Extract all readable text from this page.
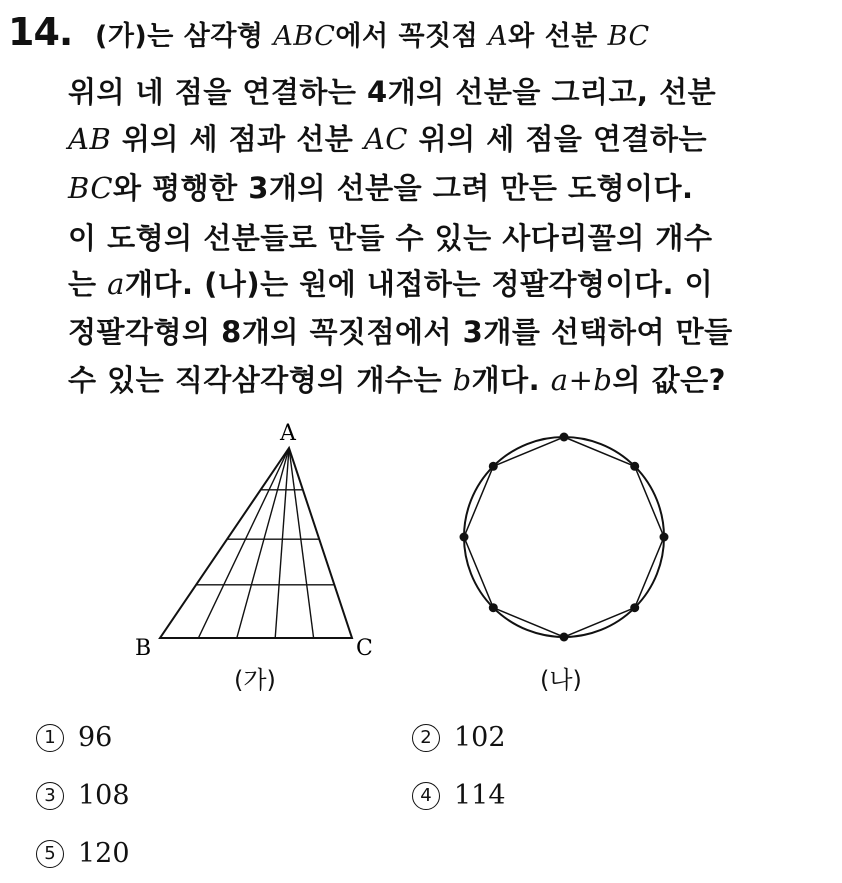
14. (가)는 삼각형 ABC에서 꼭짓점 A와 선분 BC
위의 네 점을 연결하는 4개의 선분을 그리고, 선분
AB 위의 세 점과 선분 AC 위의 세 점을 연결하는
BC와 평행한 3개의 선분을 그려 만든 도형이다.
이 도형의 선분들로 만들 수 있는 사다리꼴의 개수
는 a개다. (나)는 원에 내접하는 정팔각형이다. 이
정팔각형의 8개의 꼭짓점에서 3개를 선택하여 만들
수 있는 직각삼각형의 개수는 b개다. a+b의 값은?
A
B	C
(가)	(나)
1 96	2 102
3 108	4 114
5 120
